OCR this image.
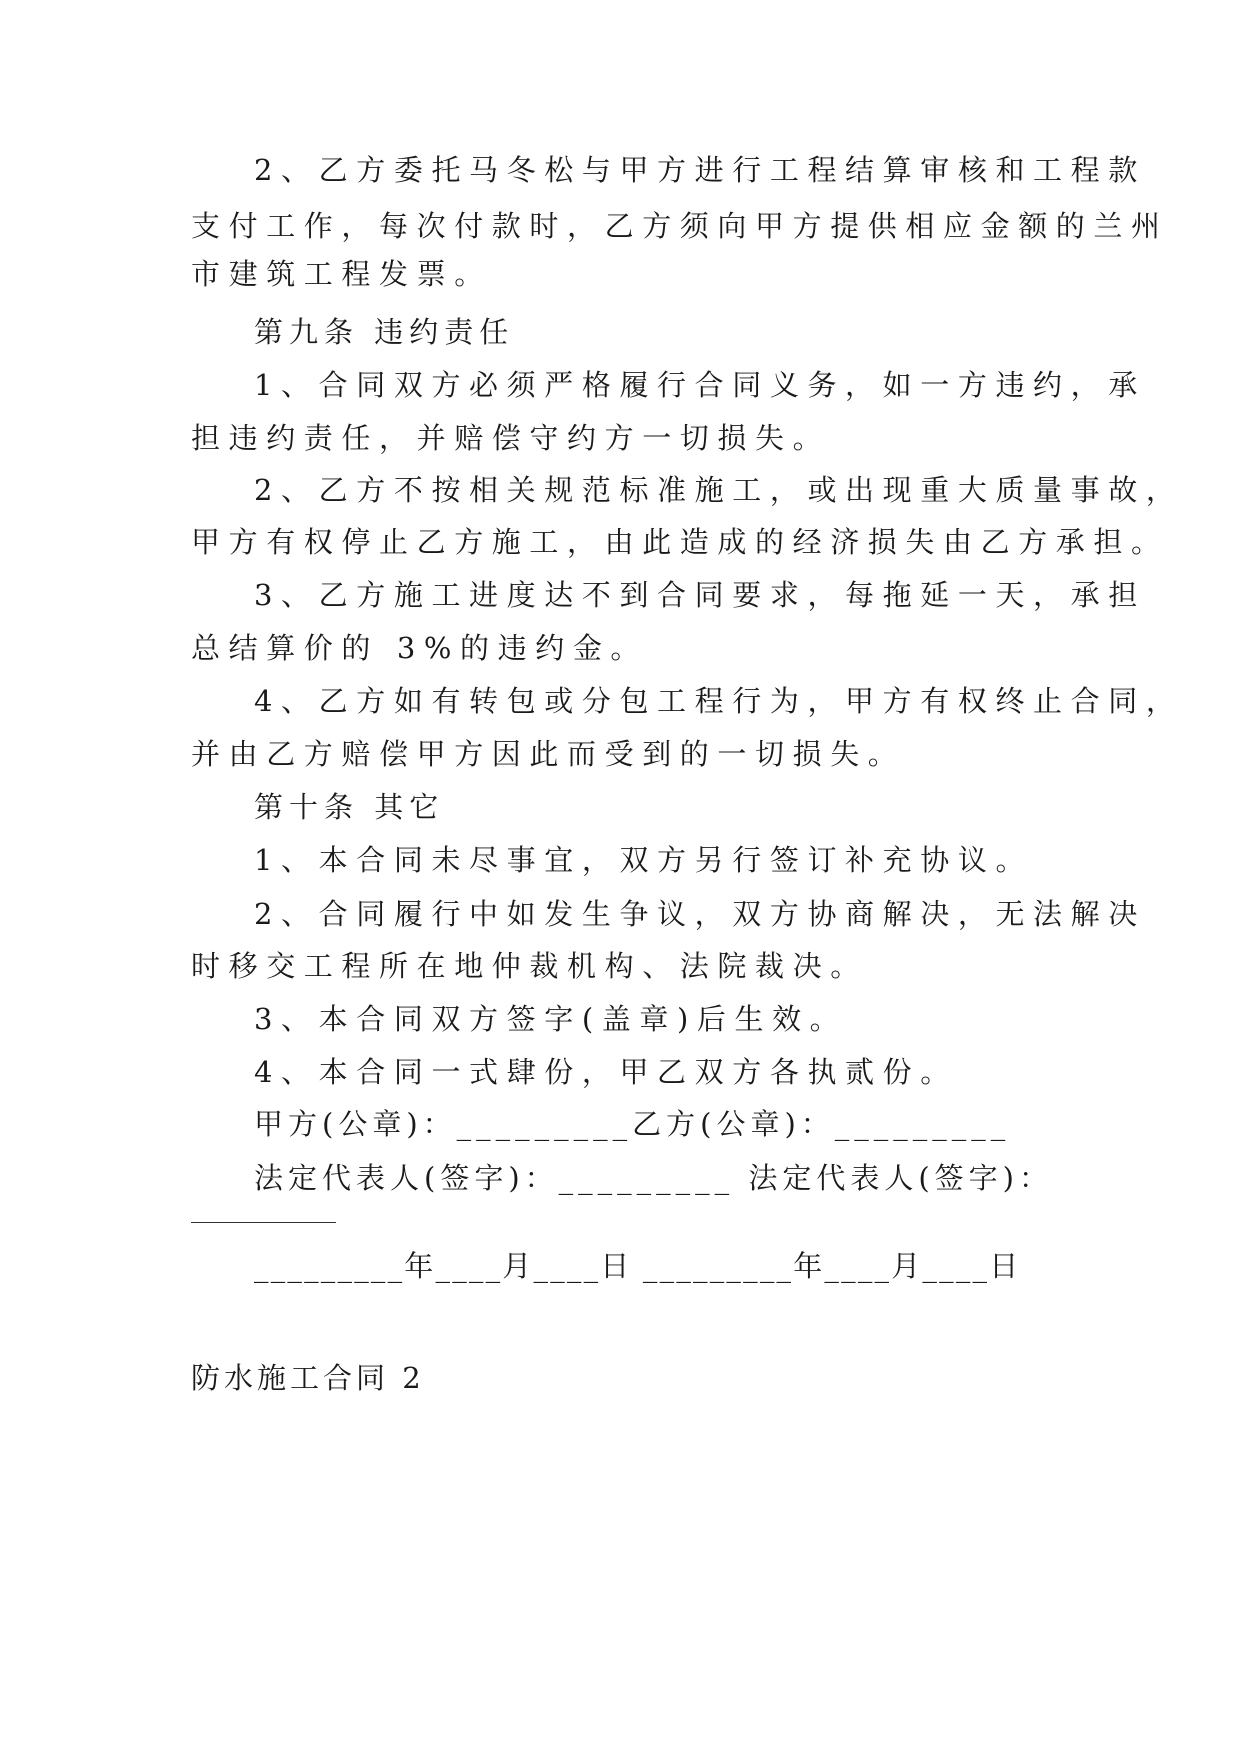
2、乙方委托马冬松与甲方进行工程结算审核和工程款
支付工作，每次付款时，乙方须向甲方提供相应金额的兰州
市建筑工程发票。
第九条 违约责任
1、合同双方必须严格履行合同义务，如一方违约，承
担违约责任，并赔偿守约方一切损失。
2、乙方不按相关规范标准施工，或出现重大质量事故，
甲方有权停止乙方施工，由此造成的经济损失由乙方承担。
3、乙方施工进度达不到合同要求，每拖延一天，承担
总结算价的 3%的违约金。
4、乙方如有转包或分包工程行为，甲方有权终止合同，
并由乙方赔偿甲方因此而受到的一切损失。
第十条 其它
1、本合同未尽事宜，双方另行签订补充协议。
2、合同履行中如发生争议，双方协商解决，无法解决
时移交工程所在地仲裁机构、法院裁决。
3、本合同双方签字(盖章)后生效。
4、本合同一式肆份，甲乙双方各执贰份。
甲方(公章)：_________乙方(公章)：_________
法定代表人(签字)：_________ 法定代表人(签字)：
_________年____月____日 _________年____月____日
防水施工合同 2
